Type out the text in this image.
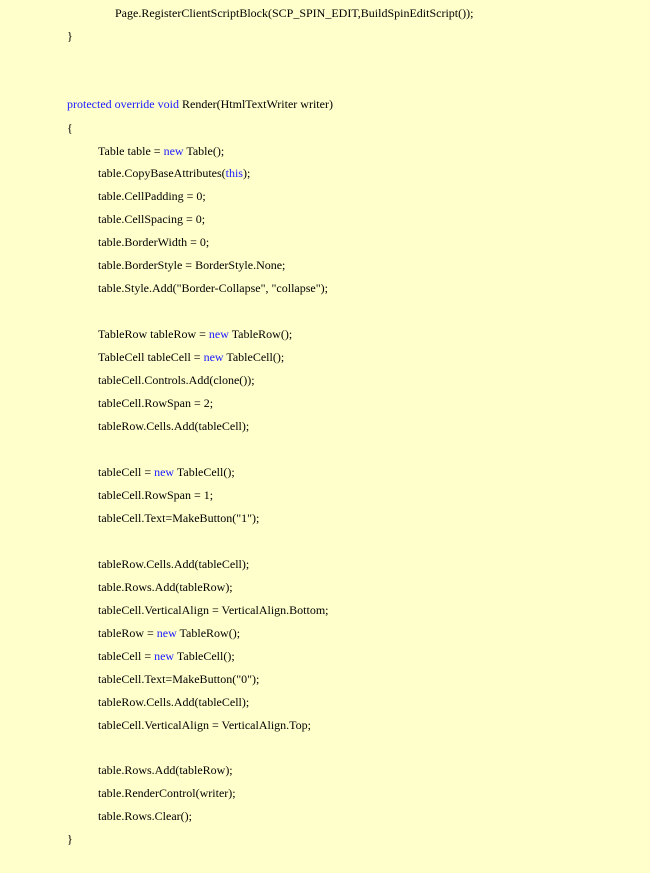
Page.RegisterClientScriptBlock(SCP_SPIN_EDIT,BuildSpinEditScript());
}
protected override void Render(HtmlTextWriter writer)
{
Table table = new Table();
table.CopyBaseAttributes(this);
table.CellPadding = 0;
table.CellSpacing = 0;
table.BorderWidth = 0;
table.BorderStyle = BorderStyle.None;
table.Style.Add("Border-Collapse", "collapse");
TableRow tableRow = new TableRow();
TableCell tableCell = new TableCell();
tableCell.Controls.Add(clone());
tableCell.RowSpan = 2;
tableRow.Cells.Add(tableCell);
tableCell = new TableCell();
tableCell.RowSpan = 1;
tableCell.Text=MakeButton("1");
tableRow.Cells.Add(tableCell);
table.Rows.Add(tableRow);
tableCell.VerticalAlign = VerticalAlign.Bottom;
tableRow = new TableRow();
tableCell = new TableCell();
tableCell.Text=MakeButton("0");
tableRow.Cells.Add(tableCell);
tableCell.VerticalAlign = VerticalAlign.Top;
table.Rows.Add(tableRow);
table.RenderControl(writer);
table.Rows.Clear();
}
